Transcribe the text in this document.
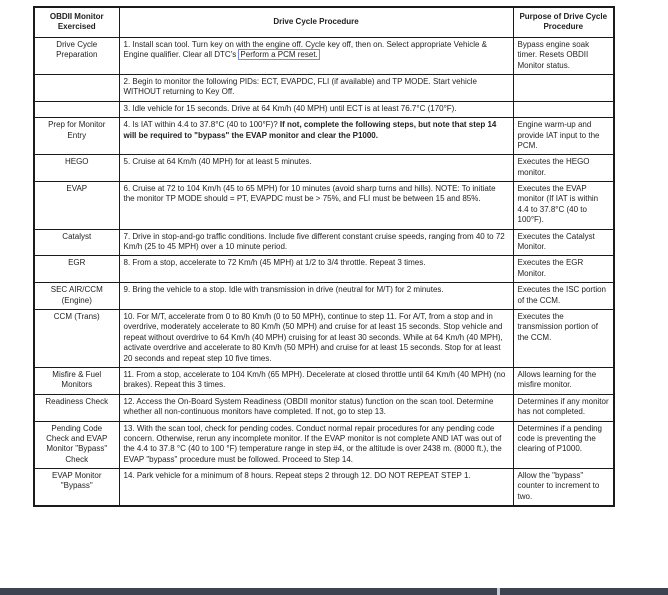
OBDII Monitor Exercised	Drive Cycle Procedure	Purpose of Drive Cycle Procedure
Drive Cycle Preparation	1. Install scan tool. Turn key on with the engine off. Cycle key off, then on. Select appropriate Vehicle & Engine qualifier. Clear all DTC's Perform a PCM reset.	Bypass engine soak timer. Resets OBDII Monitor status.
	2. Begin to monitor the following PIDs: ECT, EVAPDC, FLI (if available) and TP MODE. Start vehicle WITHOUT returning to Key Off.	
	3. Idle vehicle for 15 seconds. Drive at 64 Km/h (40 MPH) until ECT is at least 76.7°C (170°F).	
Prep for Monitor Entry	4. Is IAT within 4.4 to 37.8°C (40 to 100°F)? If not, complete the following steps, but note that step 14 will be required to "bypass" the EVAP monitor and clear the P1000.	Engine warm-up and provide IAT input to the PCM.
HEGO	5. Cruise at 64 Km/h (40 MPH) for at least 5 minutes.	Executes the HEGO monitor.
EVAP	6. Cruise at 72 to 104 Km/h (45 to 65 MPH) for 10 minutes (avoid sharp turns and hills). NOTE: To initiate the monitor TP MODE should = PT, EVAPDC must be > 75%, and FLI must be between 15 and 85%.	Executes the EVAP monitor (If IAT is within 4.4 to 37.8°C (40 to 100°F).
Catalyst	7. Drive in stop-and-go traffic conditions. Include five different constant cruise speeds, ranging from 40 to 72 Km/h (25 to 45 MPH) over a 10 minute period.	Executes the Catalyst Monitor.
EGR	8. From a stop, accelerate to 72 Km/h (45 MPH) at 1/2 to 3/4 throttle. Repeat 3 times.	Executes the EGR Monitor.
SEC AIR/CCM (Engine)	9. Bring the vehicle to a stop. Idle with transmission in drive (neutral for M/T) for 2 minutes.	Executes the ISC portion of the CCM.
CCM (Trans)	10. For M/T, accelerate from 0 to 80 Km/h (0 to 50 MPH), continue to step 11. For A/T, from a stop and in overdrive, moderately accelerate to 80 Km/h (50 MPH) and cruise for at least 15 seconds. Stop vehicle and repeat without overdrive to 64 Km/h (40 MPH) cruising for at least 30 seconds. While at 64 Km/h (40 MPH), activate overdrive and accelerate to 80 Km/h (50 MPH) and cruise for at least 15 seconds. Stop for at least 20 seconds and repeat step 10 five times.	Executes the transmission portion of the CCM.
Misfire & Fuel Monitors	11. From a stop, accelerate to 104 Km/h (65 MPH). Decelerate at closed throttle until 64 Km/h (40 MPH) (no brakes). Repeat this 3 times.	Allows learning for the misfire monitor.
Readiness Check	12. Access the On-Board System Readiness (OBDII monitor status) function on the scan tool. Determine whether all non-continuous monitors have completed. If not, go to step 13.	Determines if any monitor has not completed.
Pending Code Check and EVAP Monitor "Bypass" Check	13. With the scan tool, check for pending codes. Conduct normal repair procedures for any pending code concern. Otherwise, rerun any incomplete monitor. If the EVAP monitor is not complete AND IAT was out of the 4.4 to 37.8 °C (40 to 100 °F) temperature range in step #4, or the altitude is over 2438 m. (8000 ft.), the EVAP "bypass" procedure must be followed. Proceed to Step 14.	Determines if a pending code is preventing the clearing of P1000.
EVAP Monitor "Bypass"	14. Park vehicle for a minimum of 8 hours. Repeat steps 2 through 12. DO NOT REPEAT STEP 1.	Allow the "bypass" counter to increment to two.
